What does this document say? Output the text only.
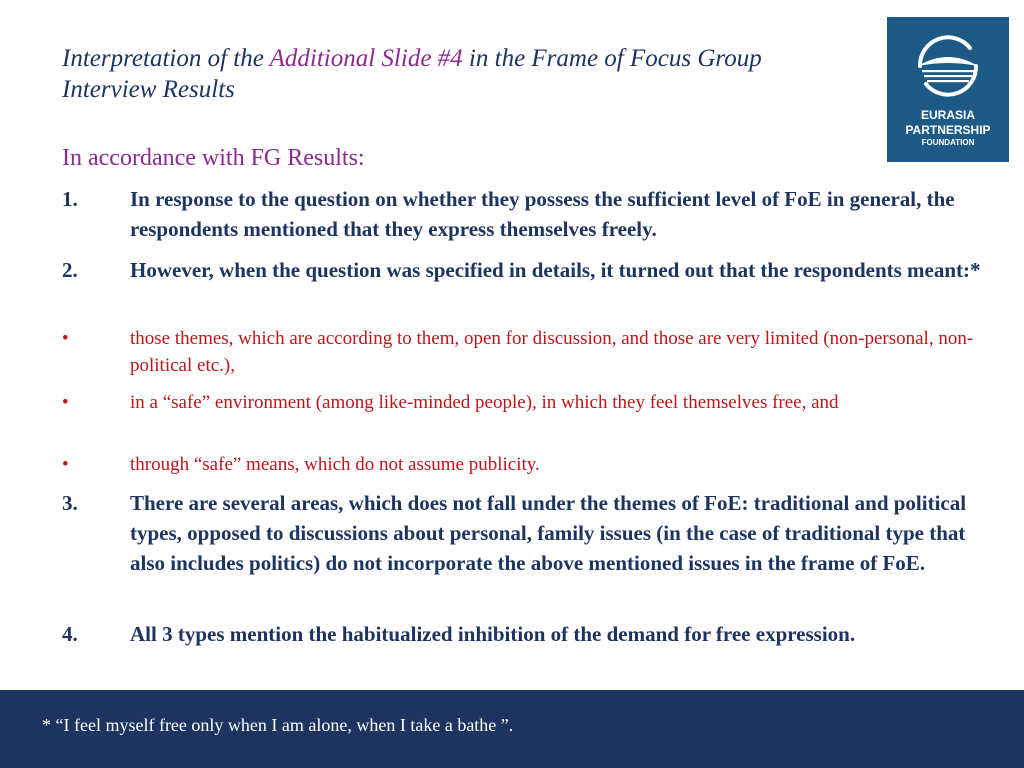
Interpretation of the Additional Slide #4 in the Frame of Focus Group Interview Results
EURASIA
PARTNERSHIP
FOUNDATION
In accordance with FG Results:
1. In response to the question on whether they possess the sufficient level of FoE in general, the respondents mentioned that they express themselves freely.
2. However, when the question was specified in details, it turned out that the respondents meant:*
•	those themes, which are according to them, open for discussion, and those are very limited (non-personal, non-political etc.),
•	in a “safe” environment (among like-minded people), in which they feel themselves free, and
•	through “safe” means, which do not assume publicity.
3. There are several areas, which does not fall under the themes of FoE: traditional and political types, opposed to discussions about personal, family issues (in the case of traditional type that also includes politics) do not incorporate the above mentioned issues in the frame of FoE.
4. All 3 types mention the habitualized inhibition of the demand for free expression.
* “I feel myself free only when I am alone, when I take a bathe ”.
